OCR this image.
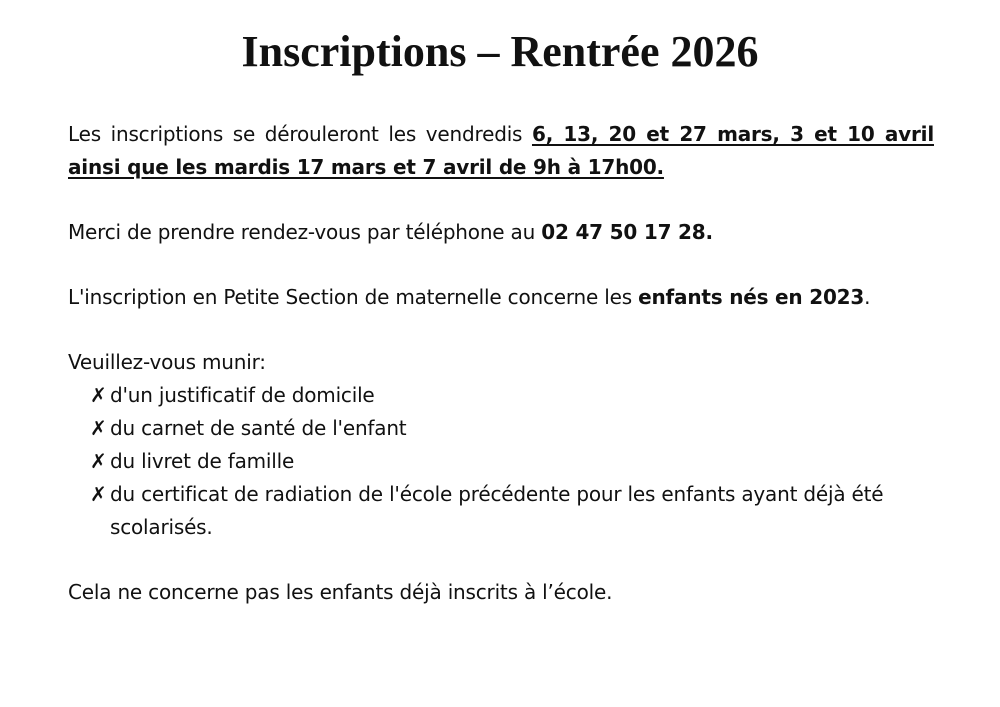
Inscriptions – Rentrée 2026

Les inscriptions se dérouleront les vendredis 6, 13, 20 et 27 mars, 3 et 10 avril ainsi que les mardis 17 mars et 7 avril de 9h à 17h00.

Merci de prendre rendez-vous par téléphone au 02 47 50 17 28.

L'inscription en Petite Section de maternelle concerne les enfants nés en 2023.

Veuillez-vous munir:
✗ d'un justificatif de domicile
✗ du carnet de santé de l'enfant
✗ du livret de famille
✗ du certificat de radiation de l'école précédente pour les enfants ayant déjà été scolarisés.

Cela ne concerne pas les enfants déjà inscrits à l’école.
